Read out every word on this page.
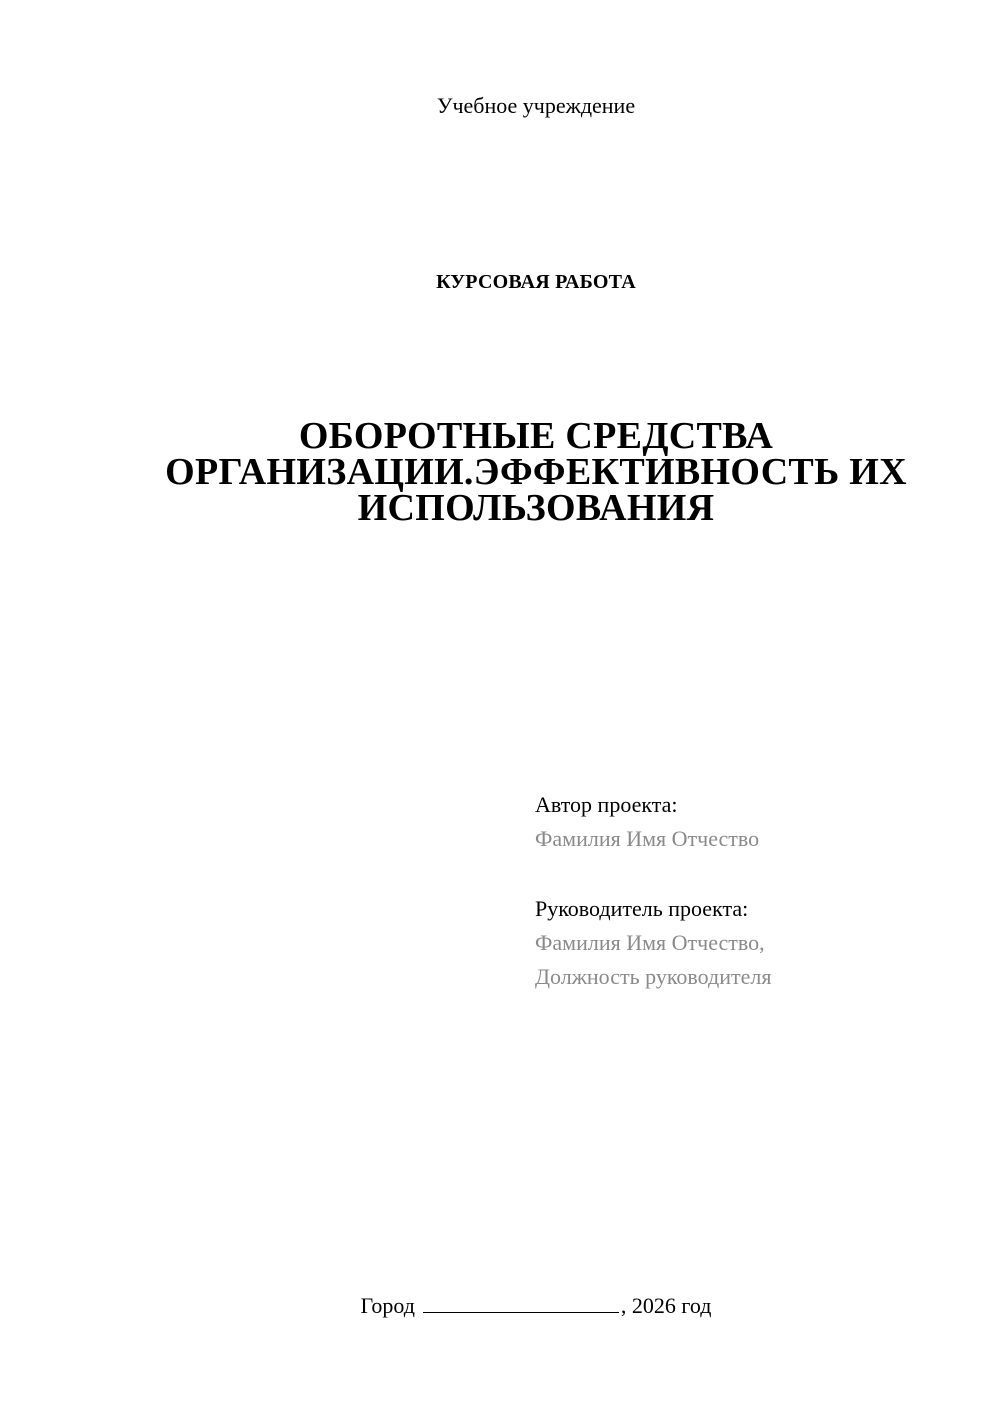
Учебное учреждение
КУРСОВАЯ РАБОТА
ОБОРОТНЫЕ СРЕДСТВА
ОРГАНИЗАЦИИ.ЭФФЕКТИВНОСТЬ ИХ
ИСПОЛЬЗОВАНИЯ
Автор проекта:
Фамилия Имя Отчество
Руководитель проекта:
Фамилия Имя Отчество,
Должность руководителя
Город	, 2026 год
